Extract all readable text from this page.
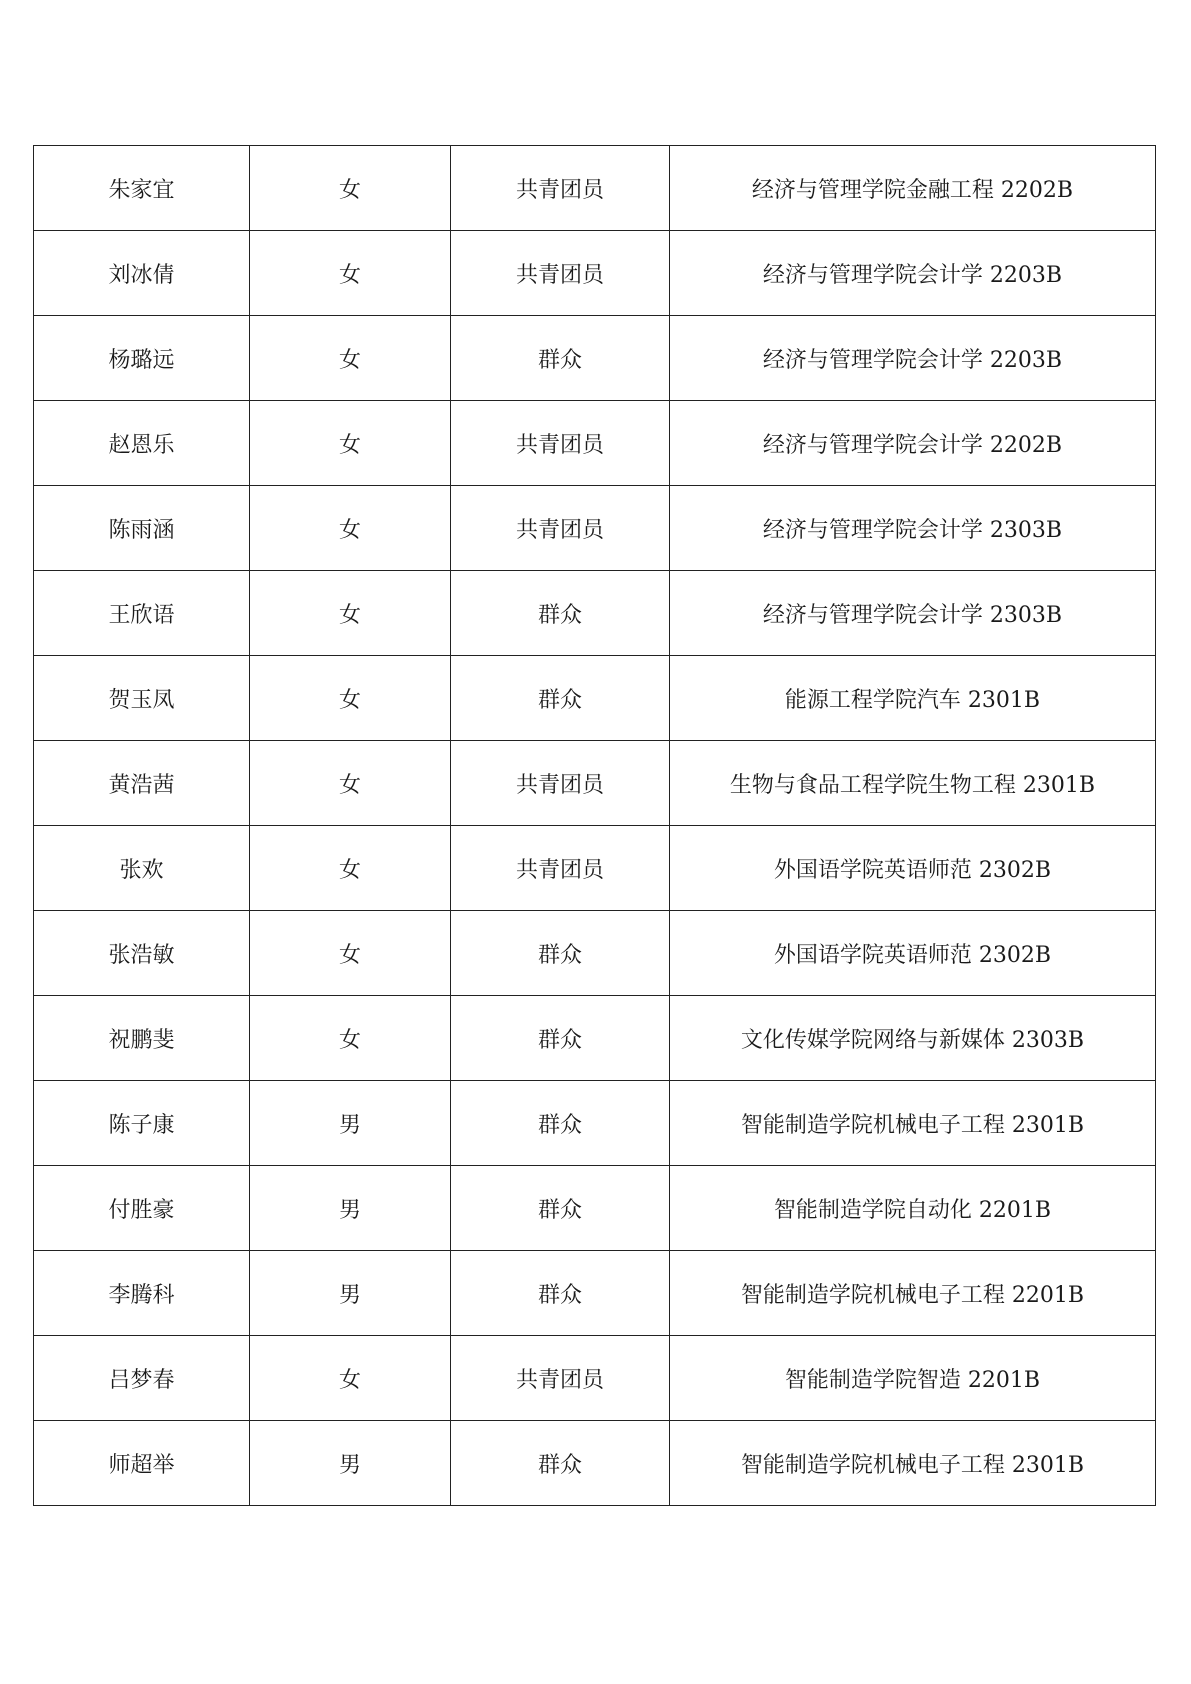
朱家宜	女	共青团员	经济与管理学院金融工程 2202B
刘冰倩	女	共青团员	经济与管理学院会计学 2203B
杨璐远	女	群众	经济与管理学院会计学 2203B
赵恩乐	女	共青团员	经济与管理学院会计学 2202B
陈雨涵	女	共青团员	经济与管理学院会计学 2303B
王欣语	女	群众	经济与管理学院会计学 2303B
贺玉凤	女	群众	能源工程学院汽车 2301B
黄浩茜	女	共青团员	生物与食品工程学院生物工程 2301B
张欢	女	共青团员	外国语学院英语师范 2302B
张浩敏	女	群众	外国语学院英语师范 2302B
祝鹏斐	女	群众	文化传媒学院网络与新媒体 2303B
陈子康	男	群众	智能制造学院机械电子工程 2301B
付胜豪	男	群众	智能制造学院自动化 2201B
李腾科	男	群众	智能制造学院机械电子工程 2201B
吕梦春	女	共青团员	智能制造学院智造 2201B
师超举	男	群众	智能制造学院机械电子工程 2301B
